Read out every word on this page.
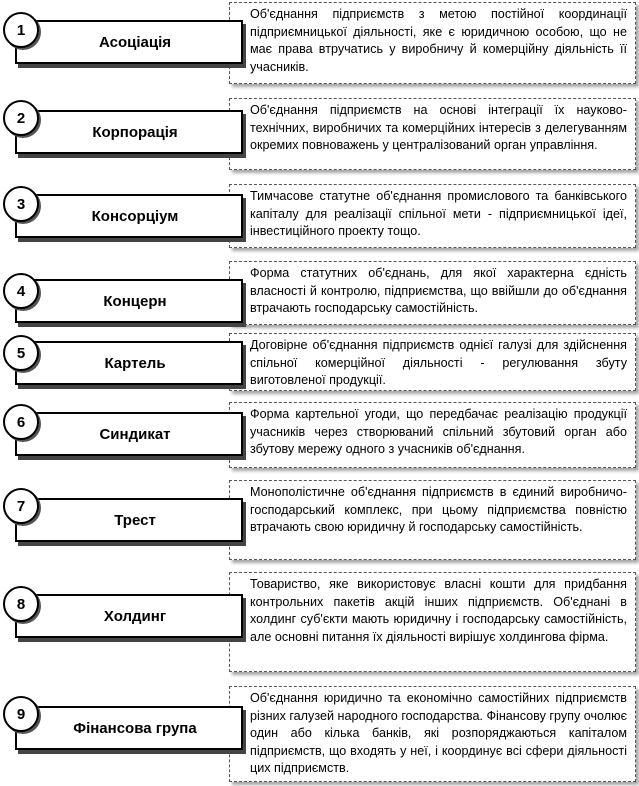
Об'єднання підприємств з метою постійної координації підприємницької діяльності, яке є юридичною особою, що не має права втручатись у виробничу й комерційну діяльність її учасників.
Асоціація
1
Об'єднання підприємств на основі інтеграції їх науково-технічних, виробничих та комерційних інтересів з делегуванням окремих повноважень у централізований орган управління.
Корпорація
2
Тимчасове статутне об'єднання промислового та банківського капіталу для реалізації спільної мети - підприємницької ідеї, інвестиційного проекту тощо.
Консорціум
3
Форма статутних об'єднань, для якої характерна єдність власності й контролю, підприємства, що ввійшли до об'єднання втрачають господарську самостійність.
Концерн
4
Договірне об'єднання підприємств однієї галузі для здійснення спільної комерційної діяльності - регулювання збуту виготовленої продукції.
Картель
5
Форма картельної угоди, що передбачає реалізацію продукції учасників через створюваний спільний збутовий орган або збутову мережу одного з учасників об'єднання.
Синдикат
6
Монополістичне об'єднання підприємств в єдиний виробничо-господарський комплекс, при цьому підприємства повністю втрачають свою юридичну й господарську самостійність.
Трест
7
Товариство, яке використовує власні кошти для придбання контрольних пакетів акцій інших підприємств. Об'єднані в холдинг суб'єкти мають юридичну і господарську самостійність, але основні питання їх діяльності вирішує холдингова фірма.
Холдинг
8
Об'єднання юридично та економічно самостійних підприємств різних галузей народного господарства. Фінансову групу очолює один або кілька банків, які розпоряджаються капіталом підприємств, що входять у неї, і координує всі сфери діяльності цих підприємств.
Фінансова група
9
